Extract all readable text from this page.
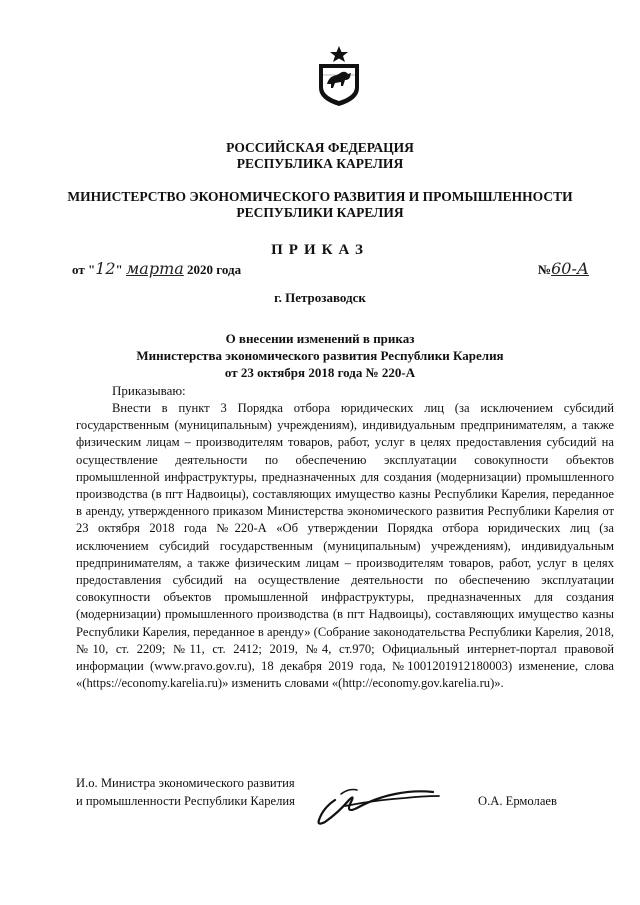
РОССИЙСКАЯ ФЕДЕРАЦИЯ
РЕСПУБЛИКА КАРЕЛИЯ
МИНИСТЕРСТВО ЭКОНОМИЧЕСКОГО РАЗВИТИЯ И ПРОМЫШЛЕННОСТИ
РЕСПУБЛИКИ КАРЕЛИЯ
ПРИКАЗ
от "12" марта 2020 года	№60-А
г. Петрозаводск
О внесении изменений в приказ
Министерства экономического развития Республики Карелия
от 23 октября 2018 года № 220-А
Приказываю:
Внести в пункт 3 Порядка отбора юридических лиц (за исключением субсидий государственным (муниципальным) учреждениям), индивидуальным предпринимателям, а также физическим лицам – производителям товаров, работ, услуг в целях предоставления субсидий на осуществление деятельности по обеспечению эксплуатации совокупности объектов промышленной инфраструктуры, предназначенных для создания (модернизации) промышленного производства (в пгт Надвоицы), составляющих имущество казны Республики Карелия, переданное в аренду, утвержденного приказом Министерства экономического развития Республики Карелия от 23 октября 2018 года №220-А «Об утверждении Порядка отбора юридических лиц (за исключением субсидий государственным (муниципальным) учреждениям), индивидуальным предпринимателям, а также физическим лицам – производителям товаров, работ, услуг в целях предоставления субсидий на осуществление деятельности по обеспечению эксплуатации совокупности объектов промышленной инфраструктуры, предназначенных для создания (модернизации) промышленного производства (в пгт Надвоицы), составляющих имущество казны Республики Карелия, переданное в аренду» (Собрание законодательства Республики Карелия, 2018, №10, ст. 2209; №11, ст. 2412; 2019, №4, ст.970; Официальный интернет-портал правовой информации (www.pravo.gov.ru), 18 декабря 2019 года, №1001201912180003) изменение, слова «(https://economy.karelia.ru)» изменить словами «(http://economy.gov.karelia.ru)».
И.о. Министра экономического развития
и промышленности Республики Карелия	О.А. Ермолаев
